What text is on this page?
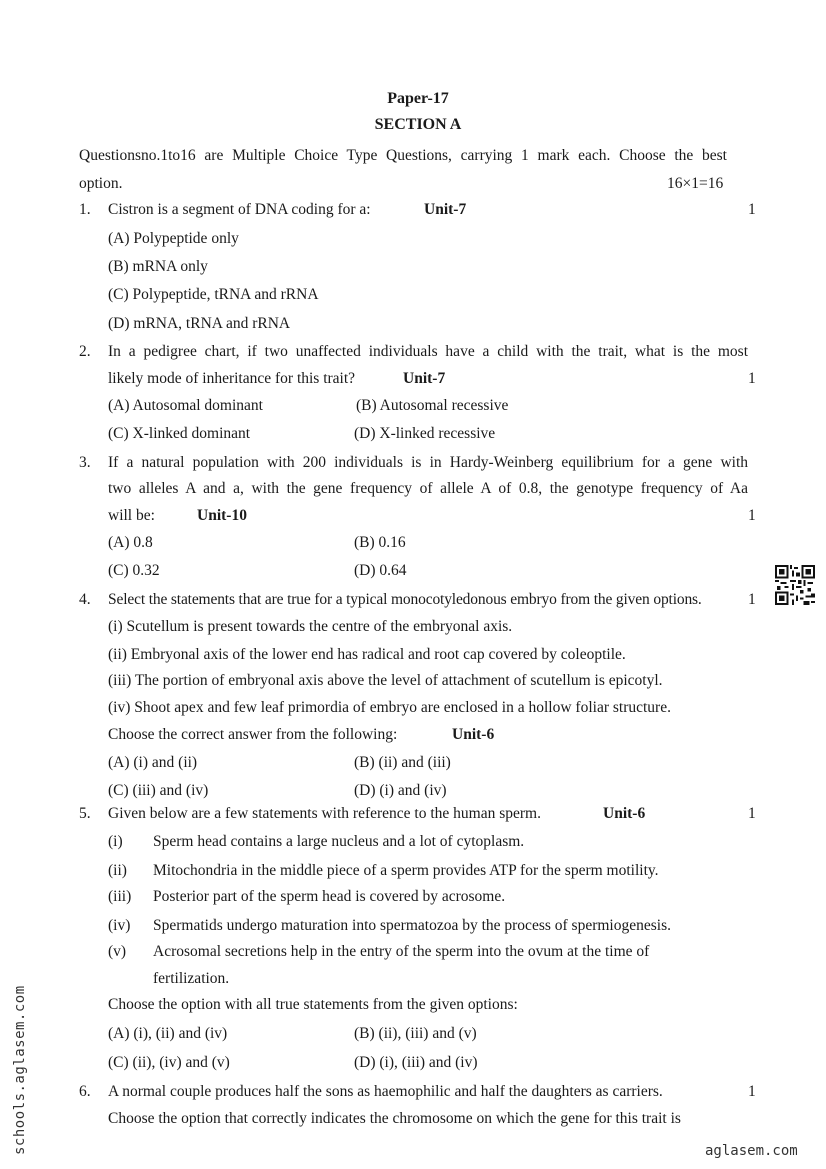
Paper-17
SECTION A
Questionsno.1to16 are Multiple Choice Type Questions, carrying 1 mark each. Choose the best
option.	16×1=16
1. Cistron is a segment of DNA coding for a:	Unit-7	1
(A) Polypeptide only
(B) mRNA only
(C) Polypeptide, tRNA and rRNA
(D) mRNA, tRNA and rRNA
2. In a pedigree chart, if two unaffected individuals have a child with the trait, what is the most
likely mode of inheritance for this trait?	Unit-7	1
(A) Autosomal dominant	(B) Autosomal recessive
(C) X-linked dominant	(D) X-linked recessive
3. If a natural population with 200 individuals is in Hardy-Weinberg equilibrium for a gene with
two alleles A and a, with the gene frequency of allele A of 0.8, the genotype frequency of Aa
will be:	Unit-10	1
(A) 0.8	(B) 0.16
(C) 0.32	(D) 0.64
4. Select the statements that are true for a typical monocotyledonous embryo from the given options.	1
(i) Scutellum is present towards the centre of the embryonal axis.
(ii) Embryonal axis of the lower end has radical and root cap covered by coleoptile.
(iii) The portion of embryonal axis above the level of attachment of scutellum is epicotyl.
(iv) Shoot apex and few leaf primordia of embryo are enclosed in a hollow foliar structure.
Choose the correct answer from the following:	Unit-6
(A) (i) and (ii)	(B) (ii) and (iii)
(C) (iii) and (iv)	(D) (i) and (iv)
5. Given below are a few statements with reference to the human sperm.	Unit-6	1
(i) Sperm head contains a large nucleus and a lot of cytoplasm.
(ii) Mitochondria in the middle piece of a sperm provides ATP for the sperm motility.
(iii) Posterior part of the sperm head is covered by acrosome.
(iv) Spermatids undergo maturation into spermatozoa by the process of spermiogenesis.
(v) Acrosomal secretions help in the entry of the sperm into the ovum at the time of
fertilization.
Choose the option with all true statements from the given options:
(A) (i), (ii) and (iv)	(B) (ii), (iii) and (v)
(C) (ii), (iv) and (v)	(D) (i), (iii) and (iv)
6. A normal couple produces half the sons as haemophilic and half the daughters as carriers.	1
Choose the option that correctly indicates the chromosome on which the gene for this trait is
schools.aglasem.com	aglasem.com
